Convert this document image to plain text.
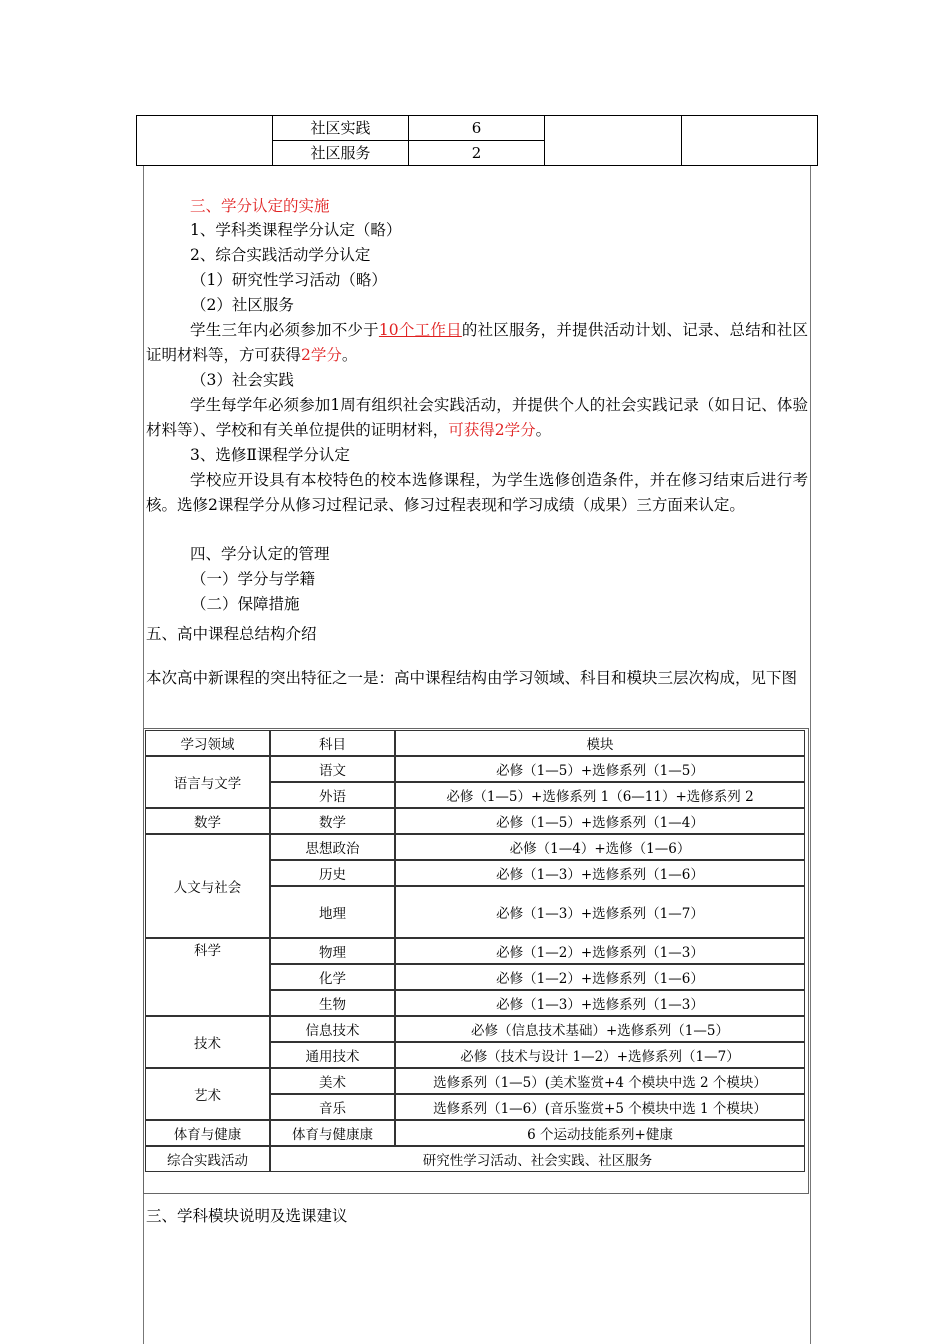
	社区实践	6		
	社区服务	2		
三、学分认定的实施
1、学科类课程学分认定（略）
2、综合实践活动学分认定
（1）研究性学习活动（略）
（2）社区服务
学生三年内必须参加不少于10个工作日的社区服务，并提供活动计划、记录、总结和社区证明材料等，方可获得2学分。
（3）社会实践
学生每学年必须参加1周有组织社会实践活动，并提供个人的社会实践记录（如日记、体验材料等）、学校和有关单位提供的证明材料，可获得2学分。
3、选修Ⅱ课程学分认定
学校应开设具有本校特色的校本选修课程，为学生选修创造条件，并在修习结束后进行考核。选修2课程学分从修习过程记录、修习过程表现和学习成绩（成果）三方面来认定。
四、学分认定的管理
（一）学分与学籍
（二）保障措施
五、高中课程总结构介绍
本次高中新课程的突出特征之一是：高中课程结构由学习领域、科目和模块三层次构成，见下图
学习领域	科目	模块
语言与文学	语文	必修（1—5）+选修系列（1—5）
	外语	必修（1—5）+选修系列 1（6—11）+选修系列 2
数学	数学	必修（1—5）+选修系列（1—4）
人文与社会	思想政治	必修（1—4）+选修（1—6）
	历史	必修（1—3）+选修系列（1—6）
	地理	必修（1—3）+选修系列（1—7）
科学	物理	必修（1—2）+选修系列（1—3）
	化学	必修（1—2）+选修系列（1—6）
	生物	必修（1—3）+选修系列（1—3）
技术	信息技术	必修（信息技术基础）+选修系列（1—5）
	通用技术	必修（技术与设计 1—2）+选修系列（1—7）
艺术	美术	选修系列（1—5）(美术鉴赏+4 个模块中选 2 个模块）
	音乐	选修系列（1—6）(音乐鉴赏+5 个模块中选 1 个模块）
体育与健康	体育与健康康	6 个运动技能系列+健康
综合实践活动	研究性学习活动、社会实践、社区服务	
三、学科模块说明及选课建议
